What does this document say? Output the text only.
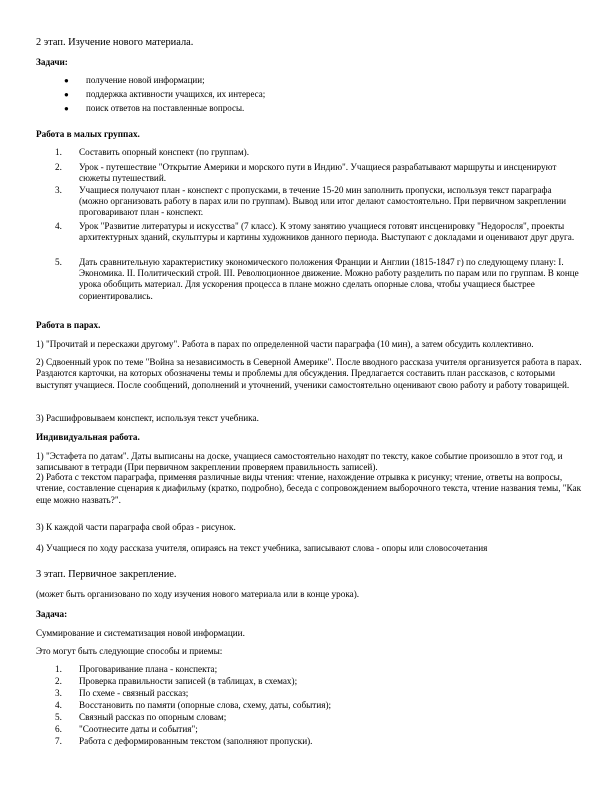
2 этап. Изучение нового материала.
Задачи:
● получение новой информации;
● поддержка активности учащихся, их интереса;
● поиск ответов на поставленные вопросы.
Работа в малых группах.
1.	Составить опорный конспект (по группам).
2.	Урок - путешествие "Открытие Америки и морского пути в Индию". Учащиеся разрабатывают маршруты и инсценируют сюжеты путешествий.
3.	Учащиеся получают план - конспект с пропусками, в течение 15-20 мин заполнить пропуски, используя текст параграфа (можно организовать работу в парах или по группам). Вывод или итог делают самостоятельно. При первичном закреплении проговаривают план - конспект.
4.	Урок "Развитие литературы и искусства" (7 класс). К этому занятию учащиеся готовят инсценировку "Недоросля", проекты архитектурных зданий, скульптуры и картины художников данного периода. Выступают с докладами и оценивают друг друга.
5.	Дать сравнительную характеристику экономического положения Франции и Англии (1815-1847 г) по следующему плану: I. Экономика. II. Политический строй. III. Революционное движение. Можно работу разделить по парам или по группам. В конце урока обобщить материал. Для ускорения процесса в плане можно сделать опорные слова, чтобы учащиеся быстрее сориентировались.
Работа в парах.
1) "Прочитай и перескажи другому". Работа в парах по определенной части параграфа (10 мин), а затем обсудить коллективно.
2) Сдвоенный урок по теме "Война за независимость в Северной Америке". После вводного рассказа учителя организуется работа в парах. Раздаются карточки, на которых обозначены темы и проблемы для обсуждения. Предлагается составить план рассказов, с которыми выступят учащиеся. После сообщений, дополнений и уточнений, ученики самостоятельно оценивают свою работу и работу товарищей.
3) Расшифровываем конспект, используя текст учебника.
Индивидуальная работа.
1) "Эстафета по датам". Даты выписаны на доске, учащиеся самостоятельно находят по тексту, какое событие произошло в этот год, и записывают в тетради (При первичном закреплении проверяем правильность записей).
2) Работа с текстом параграфа, применяя различные виды чтения: чтение, нахождение отрывка к рисунку; чтение, ответы на вопросы, чтение, составление сценария к диафильму (кратко, подробно), беседа с сопровождением выборочного текста, чтение названия темы, "Как еще можно назвать?".
3) К каждой части параграфа свой образ - рисунок.
4) Учащиеся по ходу рассказа учителя, опираясь на текст учебника, записывают слова - опоры или словосочетания
3 этап. Первичное закрепление.
(может быть организовано по ходу изучения нового материала или в конце урока).
Задача:
Суммирование и систематизация новой информации.
Это могут быть следующие способы и приемы:
1.	Проговаривание плана - конспекта;
2.	Проверка правильности записей (в таблицах, в схемах);
3.	По схеме - связный рассказ;
4.	Восстановить по памяти (опорные слова, схему, даты, события);
5.	Связный рассказ по опорным словам;
6.	"Соотнесите даты и события";
7.	Работа с деформированным текстом (заполняют пропуски).
